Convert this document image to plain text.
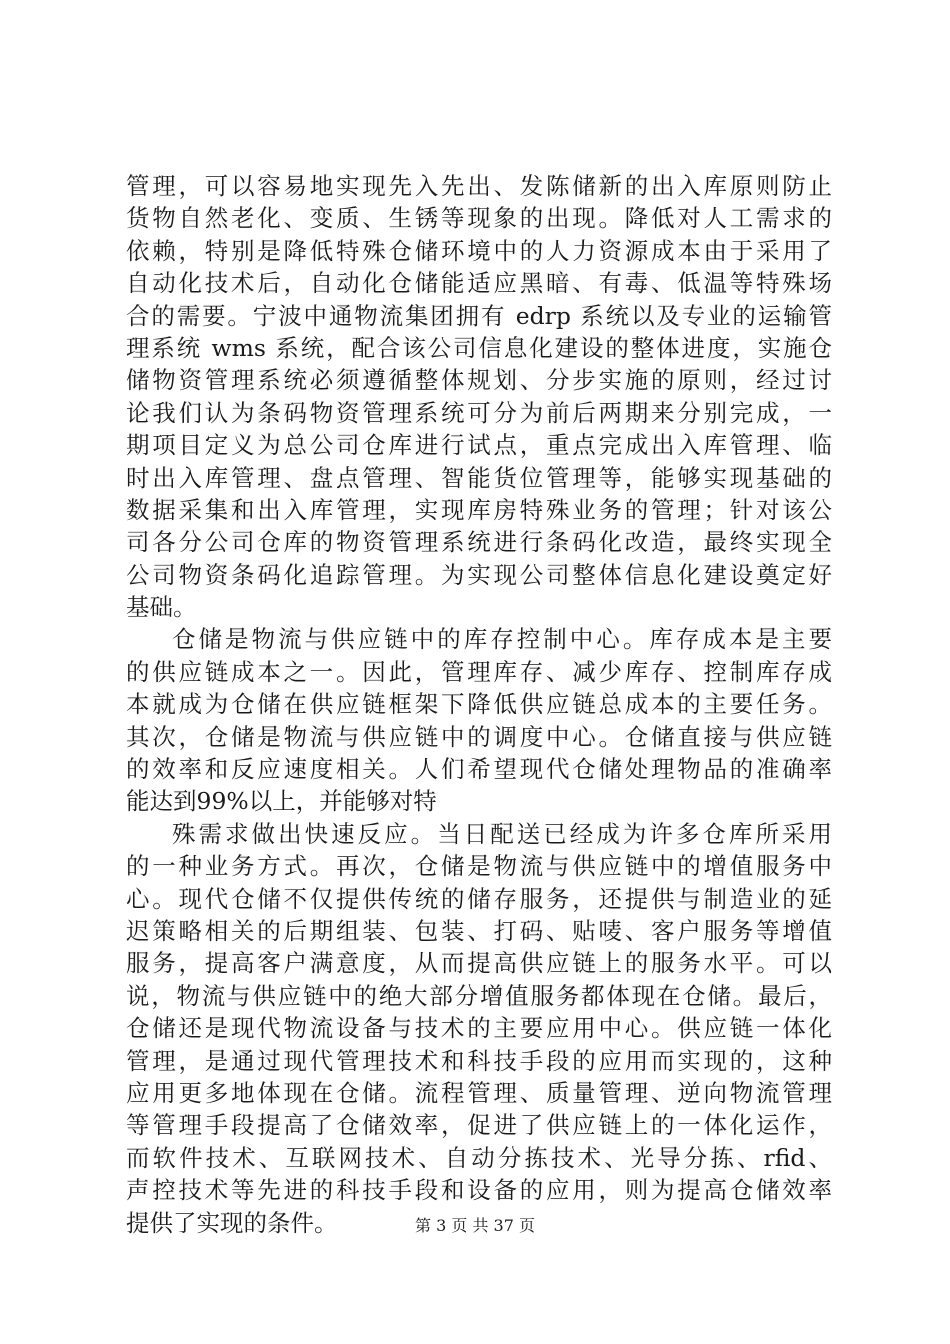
管理，可以容易地实现先入先出、发陈储新的出入库原则防止
货物自然老化、变质、生锈等现象的出现。降低对人工需求的
依赖，特别是降低特殊仓储环境中的人力资源成本由于采用了
自动化技术后，自动化仓储能适应黑暗、有毒、低温等特殊场
合的需要。宁波中通物流集团拥有 edrp 系统以及专业的运输管
理系统 wms 系统，配合该公司信息化建设的整体进度，实施仓
储物资管理系统必须遵循整体规划、分步实施的原则，经过讨
论我们认为条码物资管理系统可分为前后两期来分别完成，一
期项目定义为总公司仓库进行试点，重点完成出入库管理、临
时出入库管理、盘点管理、智能货位管理等，能够实现基础的
数据采集和出入库管理，实现库房特殊业务的管理；针对该公
司各分公司仓库的物资管理系统进行条码化改造，最终实现全
公司物资条码化追踪管理。为实现公司整体信息化建设奠定好
基础。
仓储是物流与供应链中的库存控制中心。库存成本是主要
的供应链成本之一。因此，管理库存、减少库存、控制库存成
本就成为仓储在供应链框架下降低供应链总成本的主要任务。
其次，仓储是物流与供应链中的调度中心。仓储直接与供应链
的效率和反应速度相关。人们希望现代仓储处理物品的准确率
能达到99%以上，并能够对特
殊需求做出快速反应。当日配送已经成为许多仓库所采用
的一种业务方式。再次，仓储是物流与供应链中的增值服务中
心。现代仓储不仅提供传统的储存服务，还提供与制造业的延
迟策略相关的后期组装、包装、打码、贴唛、客户服务等增值
服务，提高客户满意度，从而提高供应链上的服务水平。可以
说，物流与供应链中的绝大部分增值服务都体现在仓储。最后，
仓储还是现代物流设备与技术的主要应用中心。供应链一体化
管理，是通过现代管理技术和科技手段的应用而实现的，这种
应用更多地体现在仓储。流程管理、质量管理、逆向物流管理
等管理手段提高了仓储效率，促进了供应链上的一体化运作，
而软件技术、互联网技术、自动分拣技术、光导分拣、rfid、
声控技术等先进的科技手段和设备的应用，则为提高仓储效率
提供了实现的条件。	第 3 页 共 37 页
